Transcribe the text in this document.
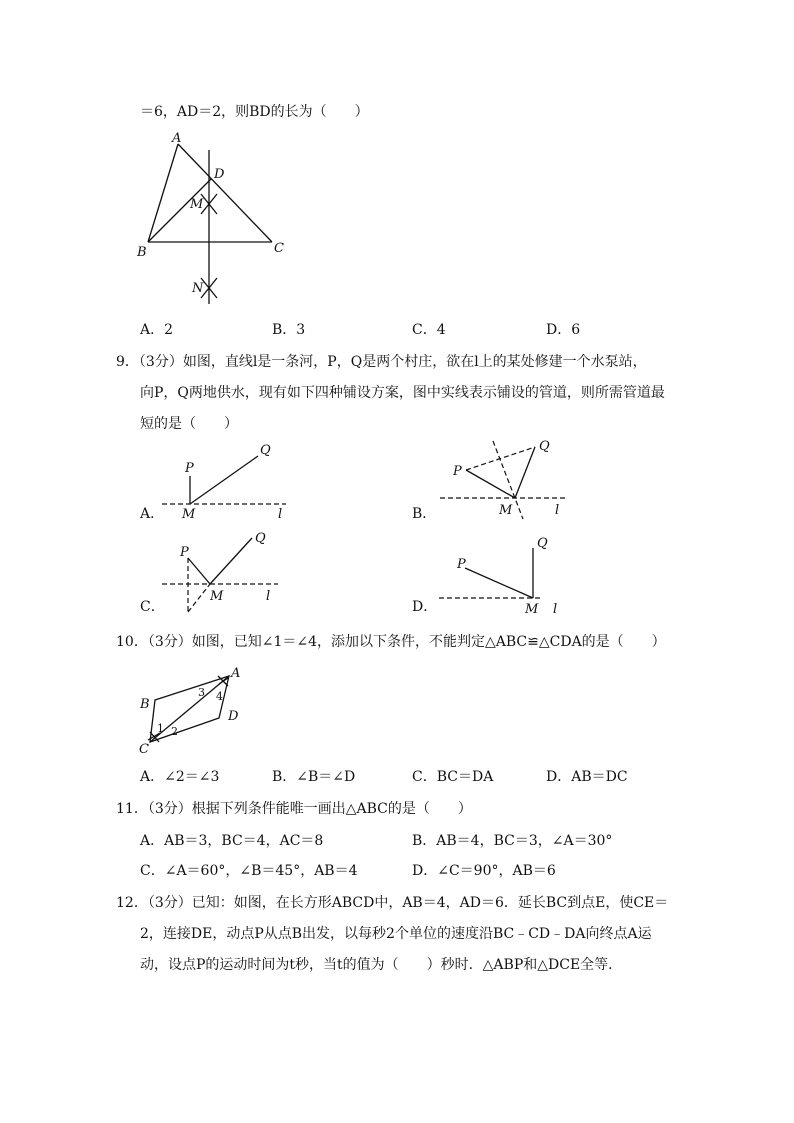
＝6，AD＝2，则BD的长为（　　）
A
B	C
D
M
N
A．2	B．3	C．4	D．6
9．（3分）如图，直线l是一条河，P，Q是两个村庄，欲在l上的某处修建一个水泵站，
向P，Q两地供水，现有如下四种铺设方案，图中实线表示铺设的管道，则所需管道最
短的是（　　）
A．
P
Q
M	l	B．
P
Q
M	l
C．
P
Q
M	l
D．
P
Q
M l
10．（3分）如图，已知∠1＝∠4，添加以下条件，不能判定△ABC≌△CDA的是（　　）
A
B
C
D
1 2
3 4
A．∠2＝∠3	B．∠B＝∠D	C．BC＝DA	D．AB＝DC
11．（3分）根据下列条件能唯一画出△ABC的是（　　）
A．AB＝3，BC＝4，AC＝8	B．AB＝4，BC＝3，∠A＝30°
C．∠A＝60°，∠B＝45°，AB＝4	D．∠C＝90°，AB＝6
12．（3分）已知：如图，在长方形ABCD中，AB＝4，AD＝6．延长BC到点E，使CE＝
2，连接DE，动点P从点B出发，以每秒2个单位的速度沿BC﹣CD﹣DA向终点A运
动，设点P的运动时间为t秒，当t的值为（　　）秒时．△ABP和△DCE全等．
